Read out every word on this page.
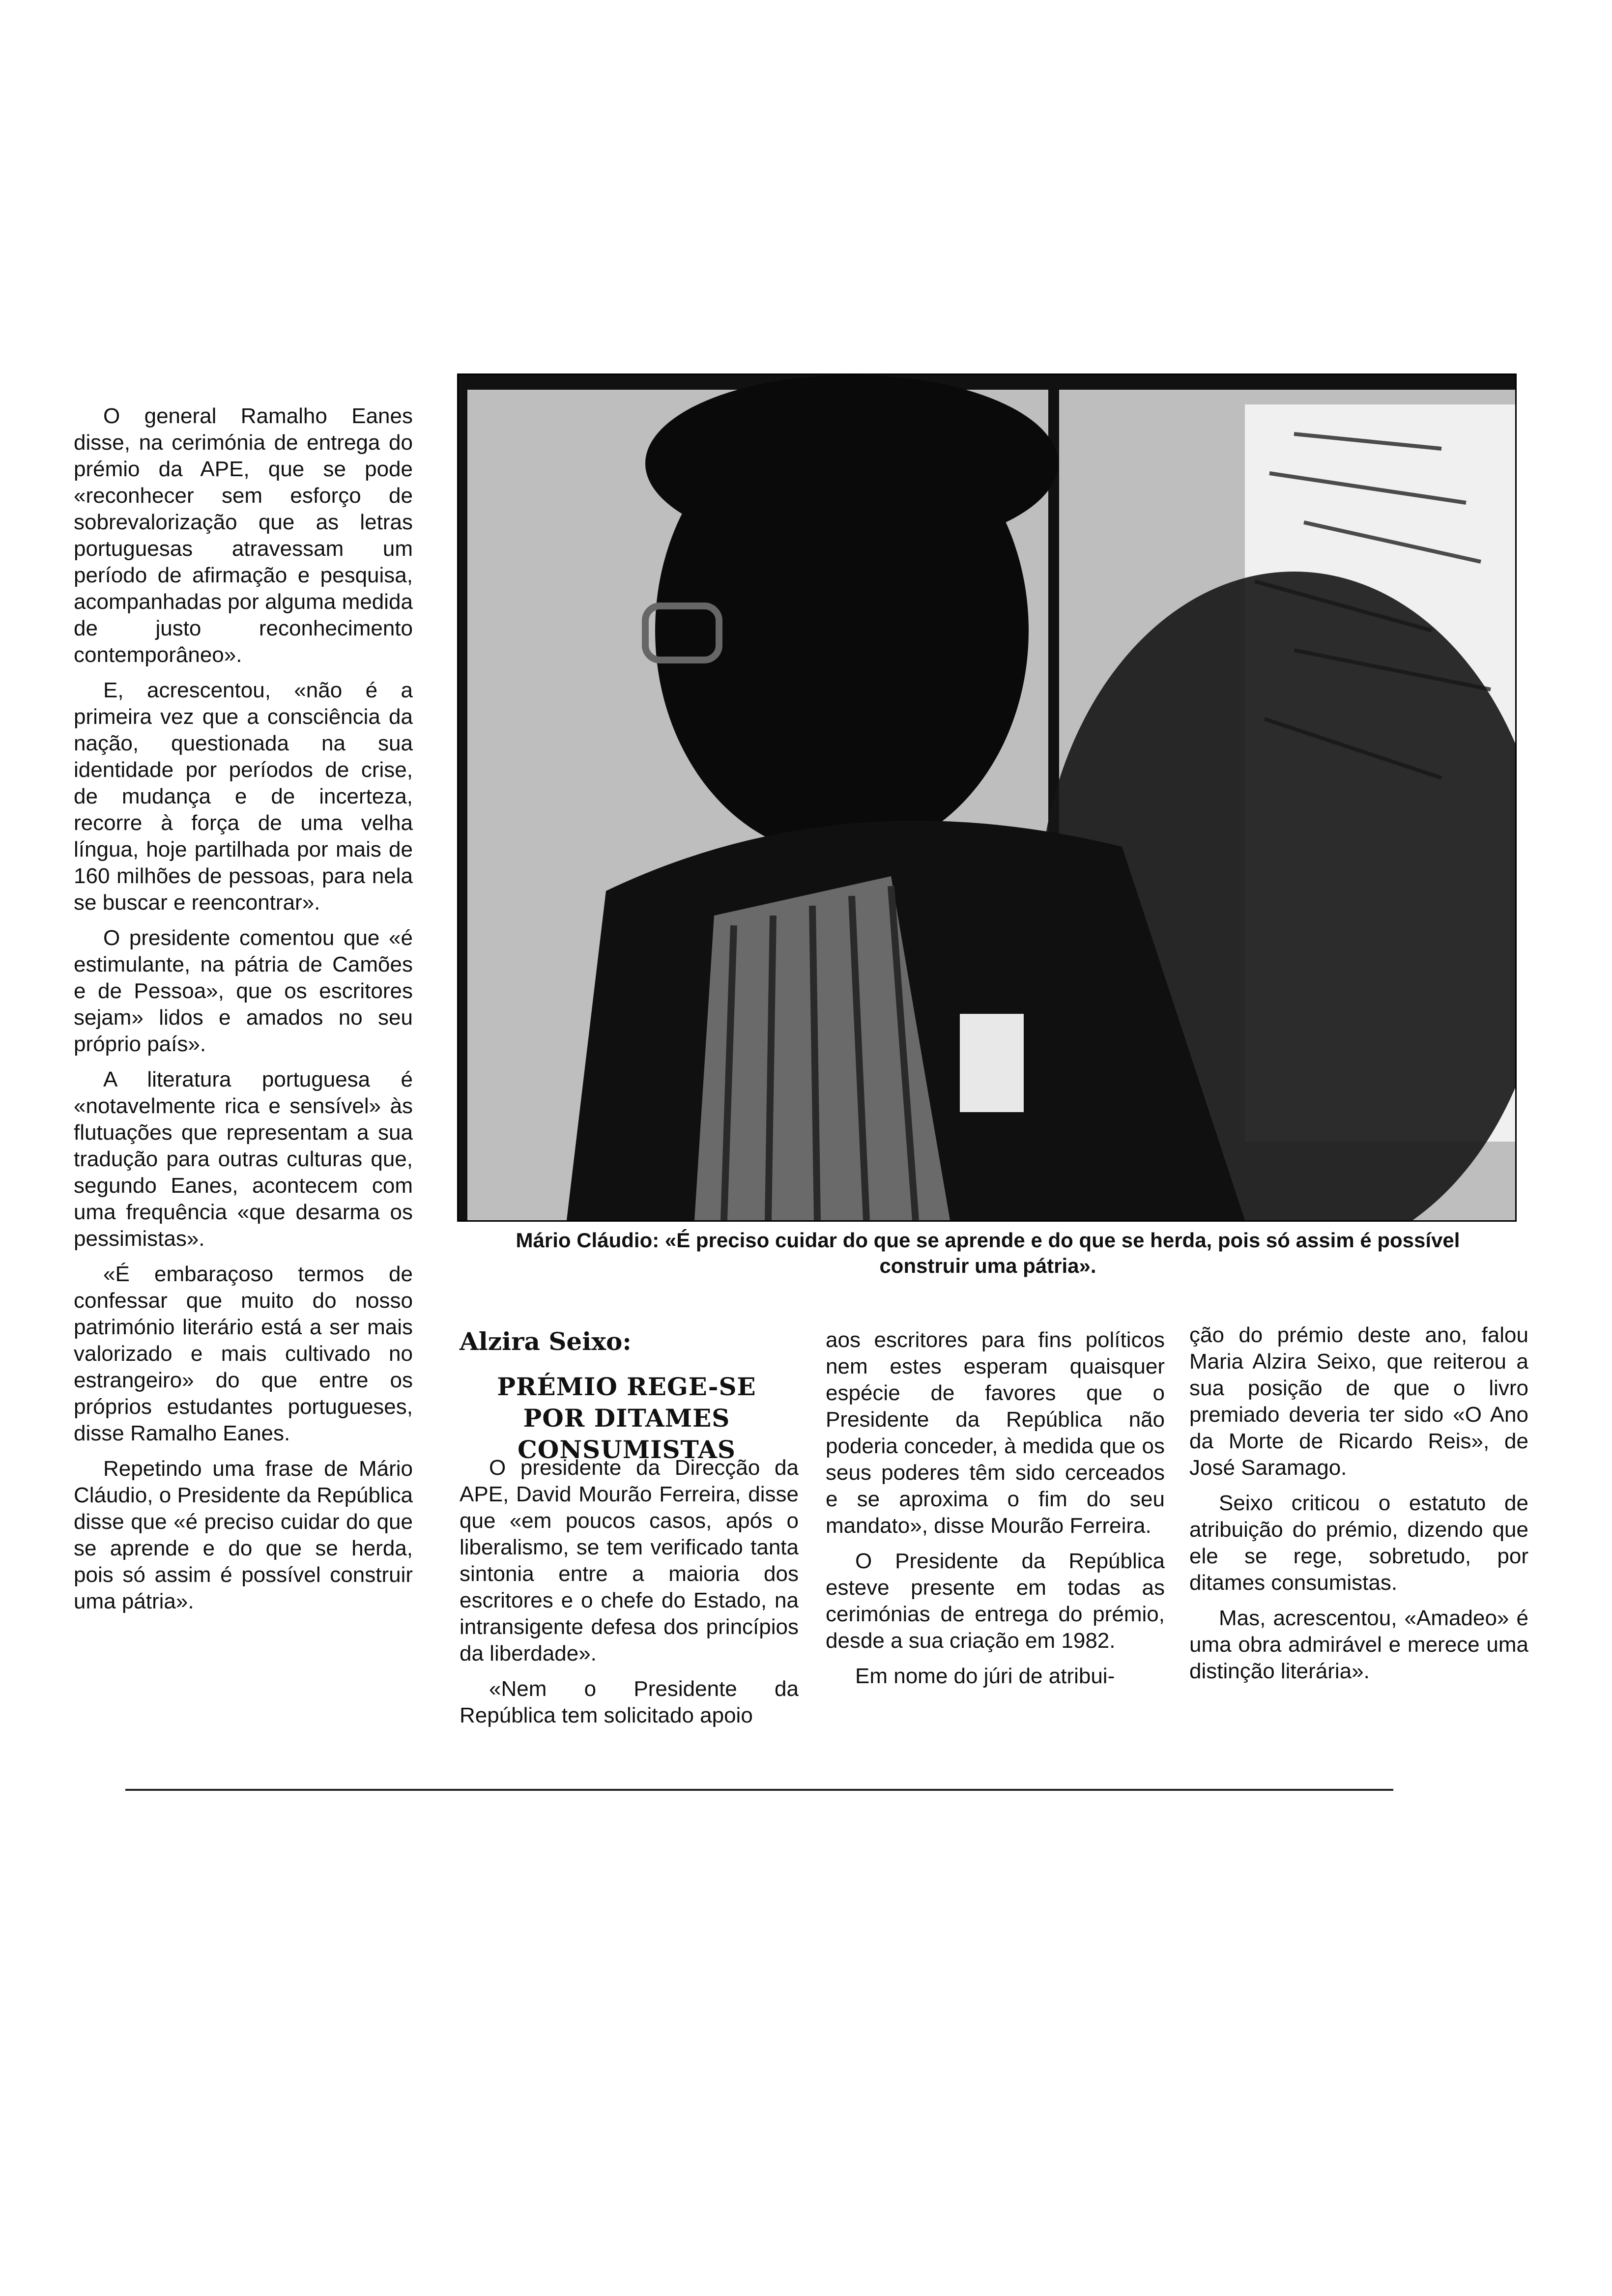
O general Ramalho Eanes disse, na cerimónia de entrega do prémio da APE, que se pode «reconhecer sem esforço de sobrevalorização que as letras portuguesas atravessam um período de afirmação e pesquisa, acompanhadas por alguma medida de justo reconhecimento contemporâneo».

E, acrescentou, «não é a primeira vez que a consciência da nação, questionada na sua identidade por períodos de crise, de mudança e de incerteza, recorre à força de uma velha língua, hoje partilhada por mais de 160 milhões de pessoas, para nela se buscar e reencontrar».

O presidente comentou que «é estimulante, na pátria de Camões e de Pessoa», que os escritores sejam» lidos e amados no seu próprio país».

A literatura portuguesa é «notavelmente rica e sensível» às flutuações que representam a sua tradução para outras culturas que, segundo Eanes, acontecem com uma frequência «que desarma os pessimistas».

«É embaraçoso termos de confessar que muito do nosso património literário está a ser mais valorizado e mais cultivado no estrangeiro» do que entre os próprios estudantes portugueses, disse Ramalho Eanes.

Repetindo uma frase de Mário Cláudio, o Presidente da República disse que «é preciso cuidar do que se aprende e do que se herda, pois só assim é possível construir uma pátria».

Mário Cláudio: «É preciso cuidar do que se aprende e do que se herda, pois só assim é possível construir uma pátria».
Alzira Seixo:
PRÉMIO REGE-SE
POR DITAMES CONSUMISTAS

O presidente da Direcção da APE, David Mourão Ferreira, disse que «em poucos casos, após o liberalismo, se tem verificado tanta sintonia entre a maioria dos escritores e o chefe do Estado, na intransigente defesa dos princípios da liberdade».

«Nem o Presidente da República tem solicitado apoio

aos escritores para fins políticos nem estes esperam quaisquer espécie de favores que o Presidente da República não poderia conceder, à medida que os seus poderes têm sido cerceados e se aproxima o fim do seu mandato», disse Mourão Ferreira.

O Presidente da República esteve presente em todas as cerimónias de entrega do prémio, desde a sua criação em 1982.

Em nome do júri de atribui-

ção do prémio deste ano, falou Maria Alzira Seixo, que reiterou a sua posição de que o livro premiado deveria ter sido «O Ano da Morte de Ricardo Reis», de José Saramago.

Seixo criticou o estatuto de atribuição do prémio, dizendo que ele se rege, sobretudo, por ditames consumistas.

Mas, acrescentou, «Amadeo» é uma obra admirável e merece uma distinção literária».
